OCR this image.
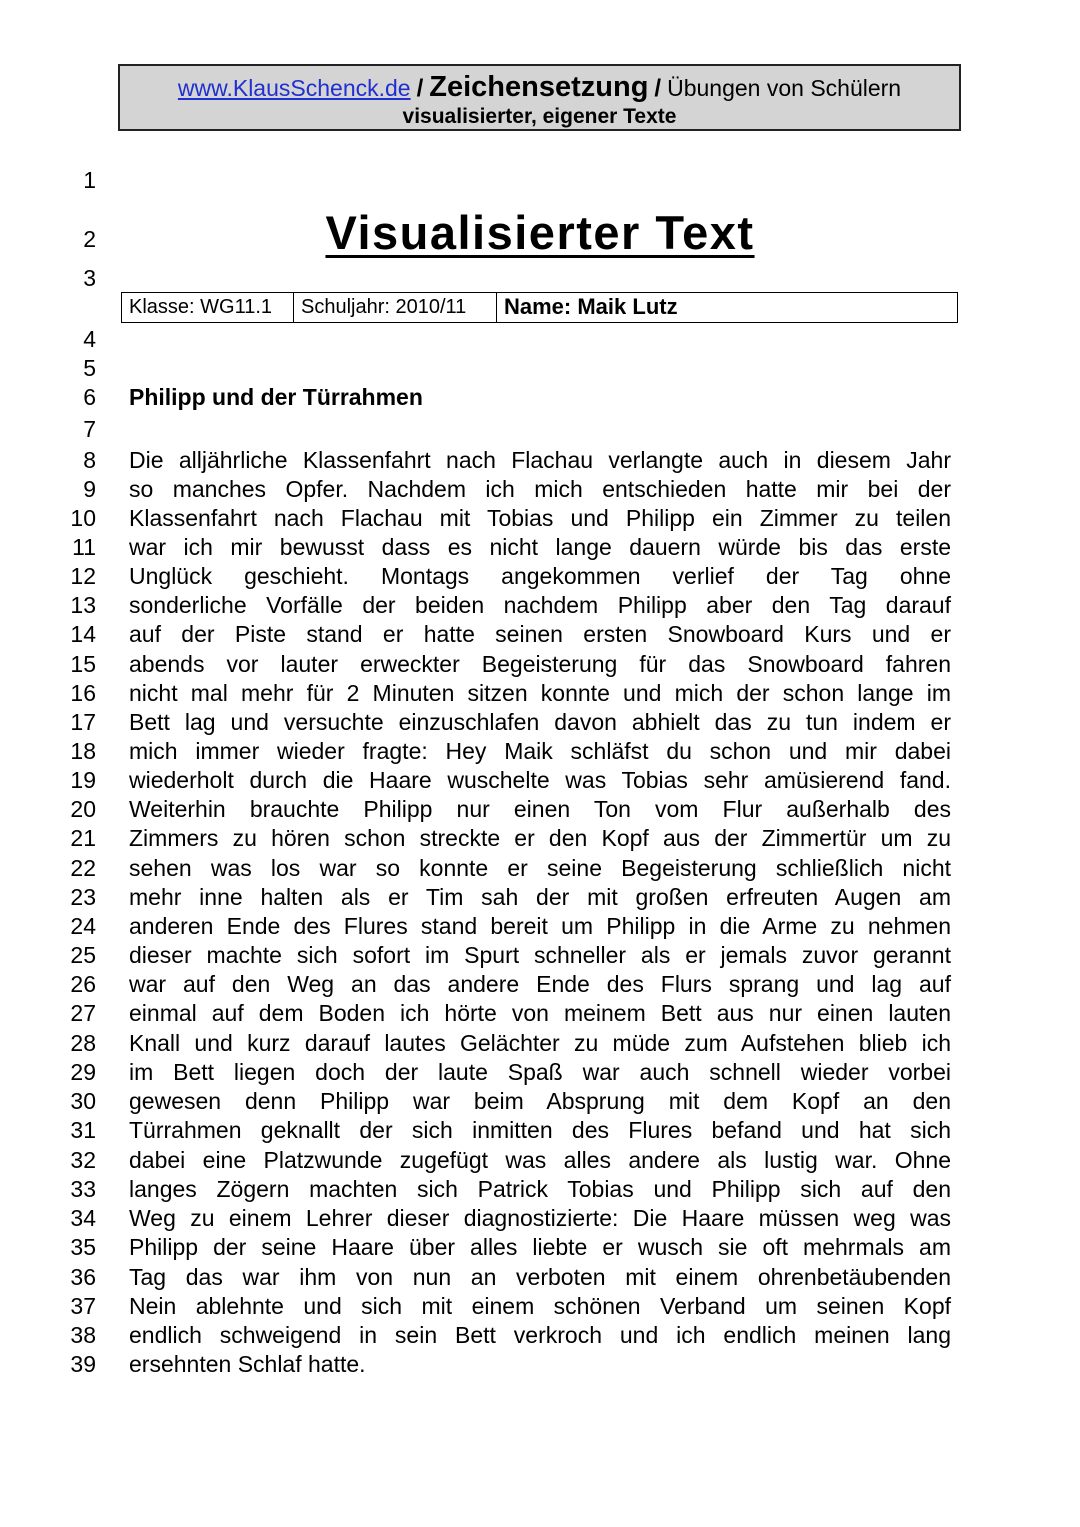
www.KlausSchenck.de / Zeichensetzung / Übungen von Schülern
visualisierter, eigener Texte
Visualisierter Text
Klasse: WG11.1	Schuljahr: 2010/11	Name: Maik Lutz
Philipp und der Türrahmen
1
2
3
4
5
6
7
8
9
10
11
12
13
14
15
16
17
18
19
20
21
22
23
24
25
26
27
28
29
30
31
32
33
34
35
36
37
38
39
Die alljährliche Klassenfahrt nach Flachau verlangte auch in diesem Jahr
so manches Opfer. Nachdem ich mich entschieden hatte mir bei der
Klassenfahrt nach Flachau mit Tobias und Philipp ein Zimmer zu teilen
war ich mir bewusst dass es nicht lange dauern würde bis das erste
Unglück geschieht. Montags angekommen verlief der Tag ohne
sonderliche Vorfälle der beiden nachdem Philipp aber den Tag darauf
auf der Piste stand er hatte seinen ersten Snowboard Kurs und er
abends vor lauter erweckter Begeisterung für das Snowboard fahren
nicht mal mehr für 2 Minuten sitzen konnte und mich der schon lange im
Bett lag und versuchte einzuschlafen davon abhielt das zu tun indem er
mich immer wieder fragte: Hey Maik schläfst du schon und mir dabei
wiederholt durch die Haare wuschelte was Tobias sehr amüsierend fand.
Weiterhin brauchte Philipp nur einen Ton vom Flur außerhalb des
Zimmers zu hören schon streckte er den Kopf aus der Zimmertür um zu
sehen was los war so konnte er seine Begeisterung schließlich nicht
mehr inne halten als er Tim sah der mit großen erfreuten Augen am
anderen Ende des Flures stand bereit um Philipp in die Arme zu nehmen
dieser machte sich sofort im Spurt schneller als er jemals zuvor gerannt
war auf den Weg an das andere Ende des Flurs sprang und lag auf
einmal auf dem Boden ich hörte von meinem Bett aus nur einen lauten
Knall und kurz darauf lautes Gelächter zu müde zum Aufstehen blieb ich
im Bett liegen doch der laute Spaß war auch schnell wieder vorbei
gewesen denn Philipp war beim Absprung mit dem Kopf an den
Türrahmen geknallt der sich inmitten des Flures befand und hat sich
dabei eine Platzwunde zugefügt was alles andere als lustig war. Ohne
langes Zögern machten sich Patrick Tobias und Philipp sich auf den
Weg zu einem Lehrer dieser diagnostizierte: Die Haare müssen weg was
Philipp der seine Haare über alles liebte er wusch sie oft mehrmals am
Tag das war ihm von nun an verboten mit einem ohrenbetäubenden
Nein ablehnte und sich mit einem schönen Verband um seinen Kopf
endlich schweigend in sein Bett verkroch und ich endlich meinen lang
ersehnten Schlaf hatte.
